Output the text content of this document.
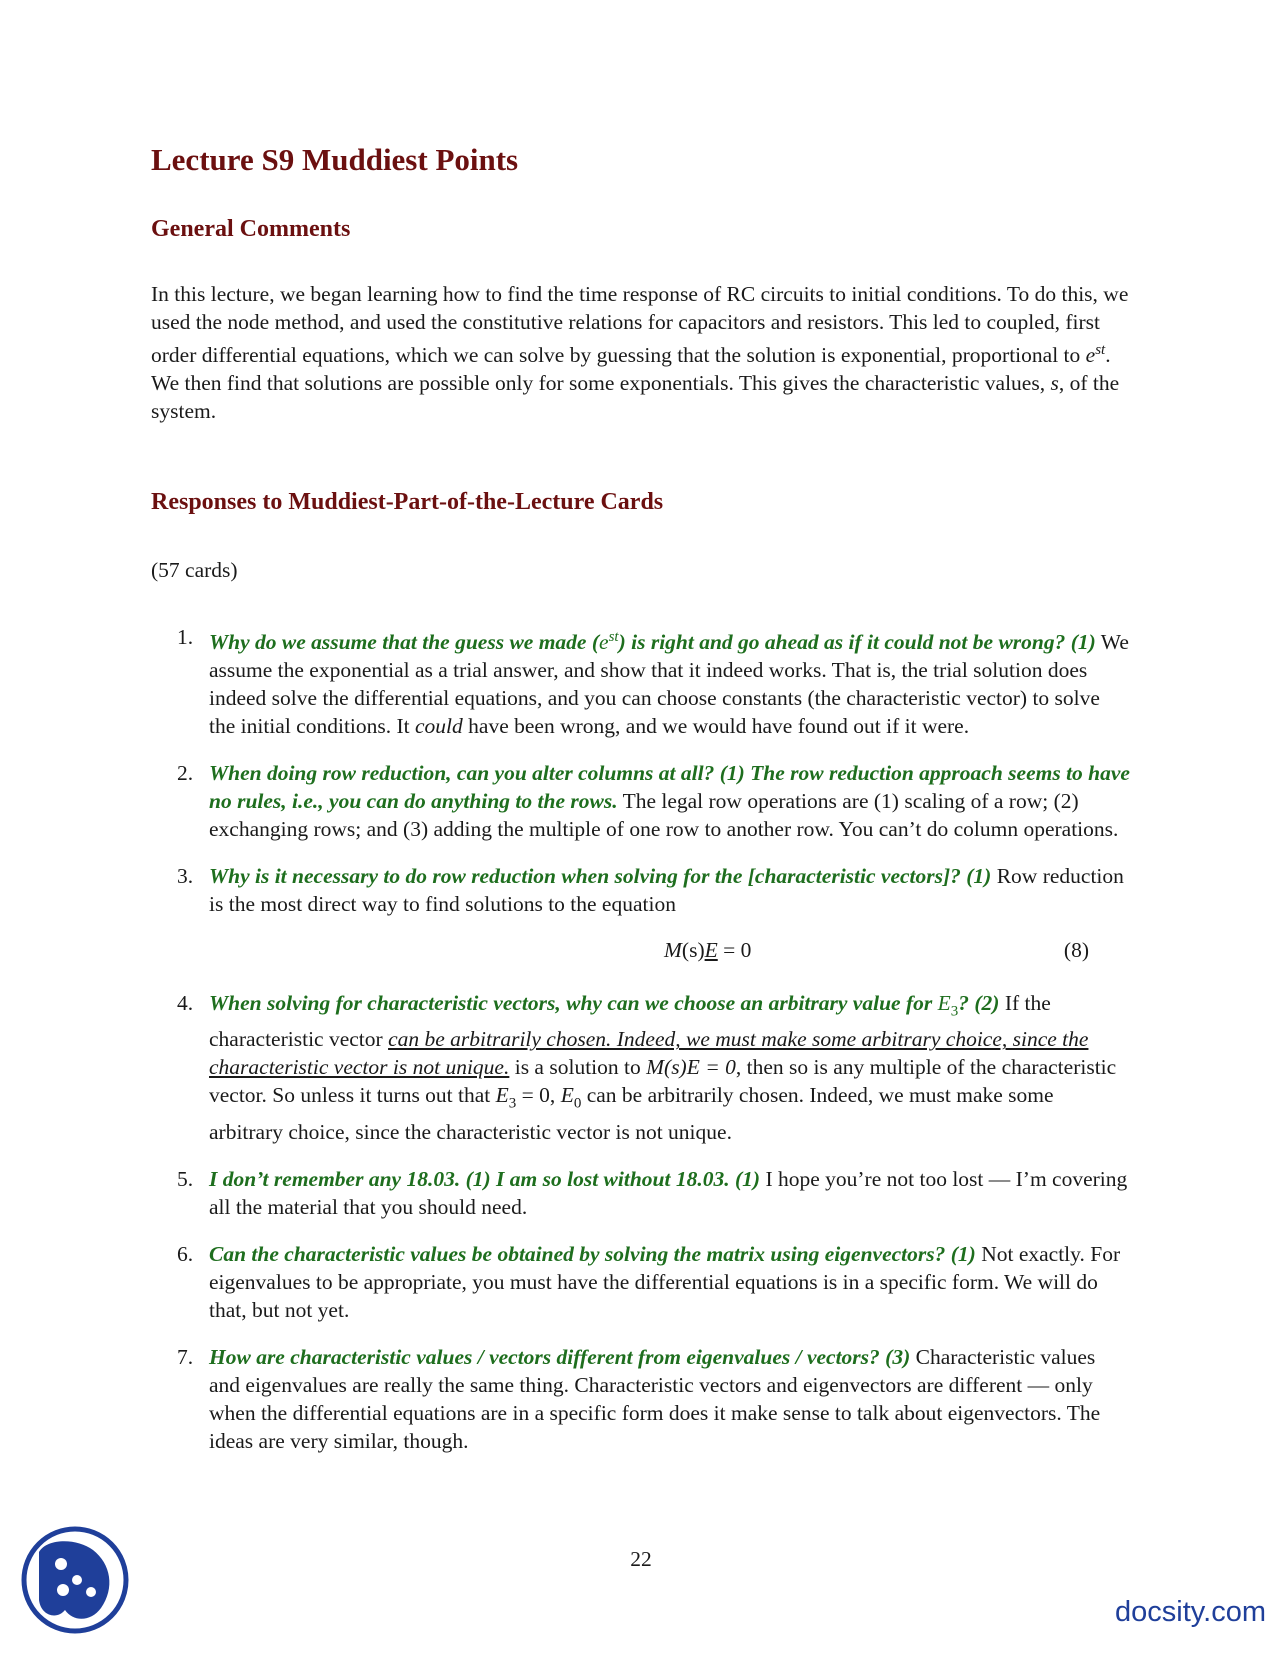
Lecture S9 Muddiest Points
General Comments

In this lecture, we began learning how to find the time response of RC circuits to initial conditions. To do this, we used the node method, and used the constitutive relations for capacitors and resistors. This led to coupled, first order differential equations, which we can solve by guessing that the solution is exponential, proportional to $e^{st}$. We then find that solutions are possible only for some exponentials. This gives the characteristic values, s, of the system.

Responses to Muddiest-Part-of-the-Lecture Cards

(57 cards)

1. Why do we assume that the guess we made $(e^{st})$ is right and go ahead as if it could not be wrong? (1) We assume the exponential as a trial answer, and show that it indeed works. That is, the trial solution does indeed solve the differential equations, and you can choose constants (the characteristic vector) to solve the initial conditions. It could have been wrong, and we would have found out if it were.
2. When doing row reduction, can you alter columns at all? (1) The row reduction approach seems to have no rules, i.e., you can do anything to the rows. The legal row operations are (1) scaling of a row; (2) exchanging rows; and (3) adding the multiple of one row to another row. You can’t do column operations.
3. Why is it necessary to do row reduction when solving for the [characteristic vectors]? (1) Row reduction is the most direct way to find solutions to the equation
M(s)E = 0	(8)
4. When solving for characteristic vectors, why can we choose an arbitrary value for $E_3$? (2) If the characteristic vector can be arbitrarily chosen. Indeed, we must make some arbitrary choice, since the characteristic vector is not unique. is a solution to M(s)E = 0, then so is any multiple of the characteristic vector. So unless it turns out that $E_3 = 0$, $E_0$ can be arbitrarily chosen. Indeed, we must make some arbitrary choice, since the characteristic vector is not unique.
5. I don’t remember any 18.03. (1) I am so lost without 18.03. (1) I hope you’re not too lost — I’m covering all the material that you should need.
6. Can the characteristic values be obtained by solving the matrix using eigenvectors? (1) Not exactly. For eigenvalues to be appropriate, you must have the differential equations is in a specific form. We will do that, but not yet.
7. How are characteristic values / vectors different from eigenvalues / vectors? (3) Characteristic values and eigenvalues are really the same thing. Characteristic vectors and eigenvectors are different — only when the differential equations are in a specific form does it make sense to talk about eigenvectors. The ideas are very similar, though.
22
docsity.com
